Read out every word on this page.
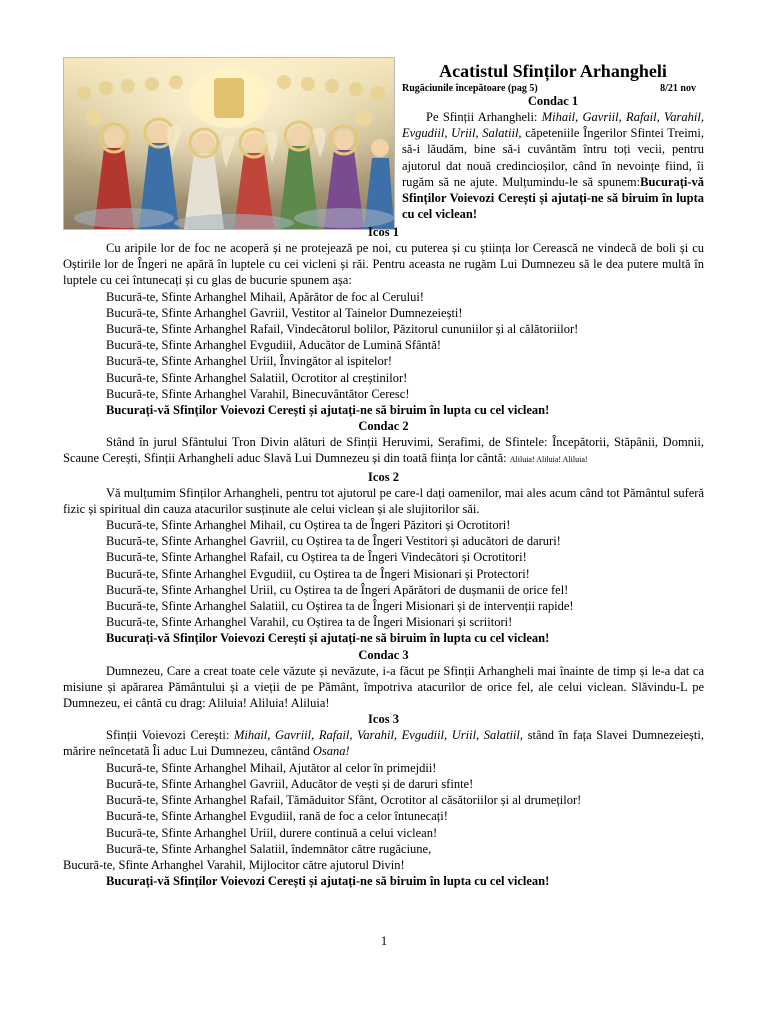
Acatistul Sfinților Arhangheli
Rugăciunile începătoare (pag 5)	8/21 nov
Condac 1

Pe Sfinții Arhangheli: Mihail, Gavriil, Rafail, Varahil, Evgudiil, Uriil, Salatiil, căpeteniile Îngerilor Sfintei Treimi, să-i lăudăm, bine să-i cuvântăm întru toți vecii, pentru ajutorul dat nouă credincioșilor, când în nevoințe fiind, îi rugăm să ne ajute. Mulțumindu-le să spunem:Bucurați-vă Sfinților Voievozi Cerești și ajutați-ne să biruim în lupta cu cel viclean!

Icos 1

Cu aripile lor de foc ne acoperă și ne protejează pe noi, cu puterea și cu știința lor Cerească ne vindecă de boli și cu Oștirile lor de Îngeri ne apără în luptele cu cei vicleni și răi. Pentru aceasta ne rugăm Lui Dumnezeu să le dea putere multă în luptele cu cei întunecați și cu glas de bucurie spunem așa:

Bucură-te, Sfinte Arhanghel Mihail, Apărător de foc al Cerului!
Bucură-te, Sfinte Arhanghel Gavriil, Vestitor al Tainelor Dumnezeiești!
Bucură-te, Sfinte Arhanghel Rafail, Vindecătorul bolilor, Păzitorul cununiilor și al călătoriilor!
Bucură-te, Sfinte Arhanghel Evgudiil, Aducător de Lumină Sfântă!
Bucură-te, Sfinte Arhanghel Uriil, Învingător al ispitelor!
Bucură-te, Sfinte Arhanghel Salatiil, Ocrotitor al creștinilor!
Bucură-te, Sfinte Arhanghel Varahil, Binecuvântător Ceresc!
Bucurați-vă Sfinților Voievozi Cerești și ajutați-ne să biruim în lupta cu cel viclean!
Condac 2

Stând în jurul Sfântului Tron Divin alături de Sfinții Heruvimi, Serafimi, de Sfintele: Începătorii, Stăpânii, Domnii, Scaune Cerești, Sfinții Arhangheli aduc Slavă Lui Dumnezeu și din toată ființa lor cântă: Aliluia! Aliluia! Aliluia!

Icos 2

Vă mulțumim Sfinților Arhangheli, pentru tot ajutorul pe care-l dați oamenilor, mai ales acum când tot Pământul suferă fizic și spiritual din cauza atacurilor susținute ale celui viclean și ale slujitorilor săi.

Bucură-te, Sfinte Arhanghel Mihail, cu Oștirea ta de Îngeri Păzitori și Ocrotitori!
Bucură-te, Sfinte Arhanghel Gavriil, cu Oștirea ta de Îngeri Vestitori și aducători de daruri!
Bucură-te, Sfinte Arhanghel Rafail, cu Oștirea ta de Îngeri Vindecători și Ocrotitori!
Bucură-te, Sfinte Arhanghel Evgudiil, cu Oștirea ta de Îngeri Misionari și Protectori!
Bucură-te, Sfinte Arhanghel Uriil, cu Oștirea ta de Îngeri Apărători de dușmanii de orice fel!
Bucură-te, Sfinte Arhanghel Salatiil, cu Oștirea ta de Îngeri Misionari și de intervenții rapide!
Bucură-te, Sfinte Arhanghel Varahil, cu Oștirea ta de Îngeri Misionari și scriitori!
Bucurați-vă Sfinților Voievozi Cerești și ajutați-ne să biruim în lupta cu cel viclean!
Condac 3

Dumnezeu, Care a creat toate cele văzute și nevăzute, i-a făcut pe Sfinții Arhangheli mai înainte de timp și le-a dat ca misiune și apărarea Pământului și a vieții de pe Pământ, împotriva atacurilor de orice fel, ale celui viclean. Slăvindu-L pe Dumnezeu, ei cântă cu drag: Aliluia! Aliluia! Aliluia!

Icos 3

Sfinții Voievozi Cerești: Mihail, Gavriil, Rafail, Varahil, Evgudiil, Uriil, Salatiil, stând în fața Slavei Dumnezeiești, mărire neîncetată Îi aduc Lui Dumnezeu, cântând Osana!

Bucură-te, Sfinte Arhanghel Mihail, Ajutător al celor în primejdii!
Bucură-te, Sfinte Arhanghel Gavriil, Aducător de vești și de daruri sfinte!
Bucură-te, Sfinte Arhanghel Rafail, Tămăduitor Sfânt, Ocrotitor al căsătoriilor și al drumeților!
Bucură-te, Sfinte Arhanghel Evgudiil, rană de foc a celor întunecați!
Bucură-te, Sfinte Arhanghel Uriil, durere continuă a celui viclean!
Bucură-te, Sfinte Arhanghel Salatiil, îndemnător către rugăciune,
Bucură-te, Sfinte Arhanghel Varahil, Mijlocitor către ajutorul Divin!
Bucurați-vă Sfinților Voievozi Cerești și ajutați-ne să biruim în lupta cu cel viclean!
1
